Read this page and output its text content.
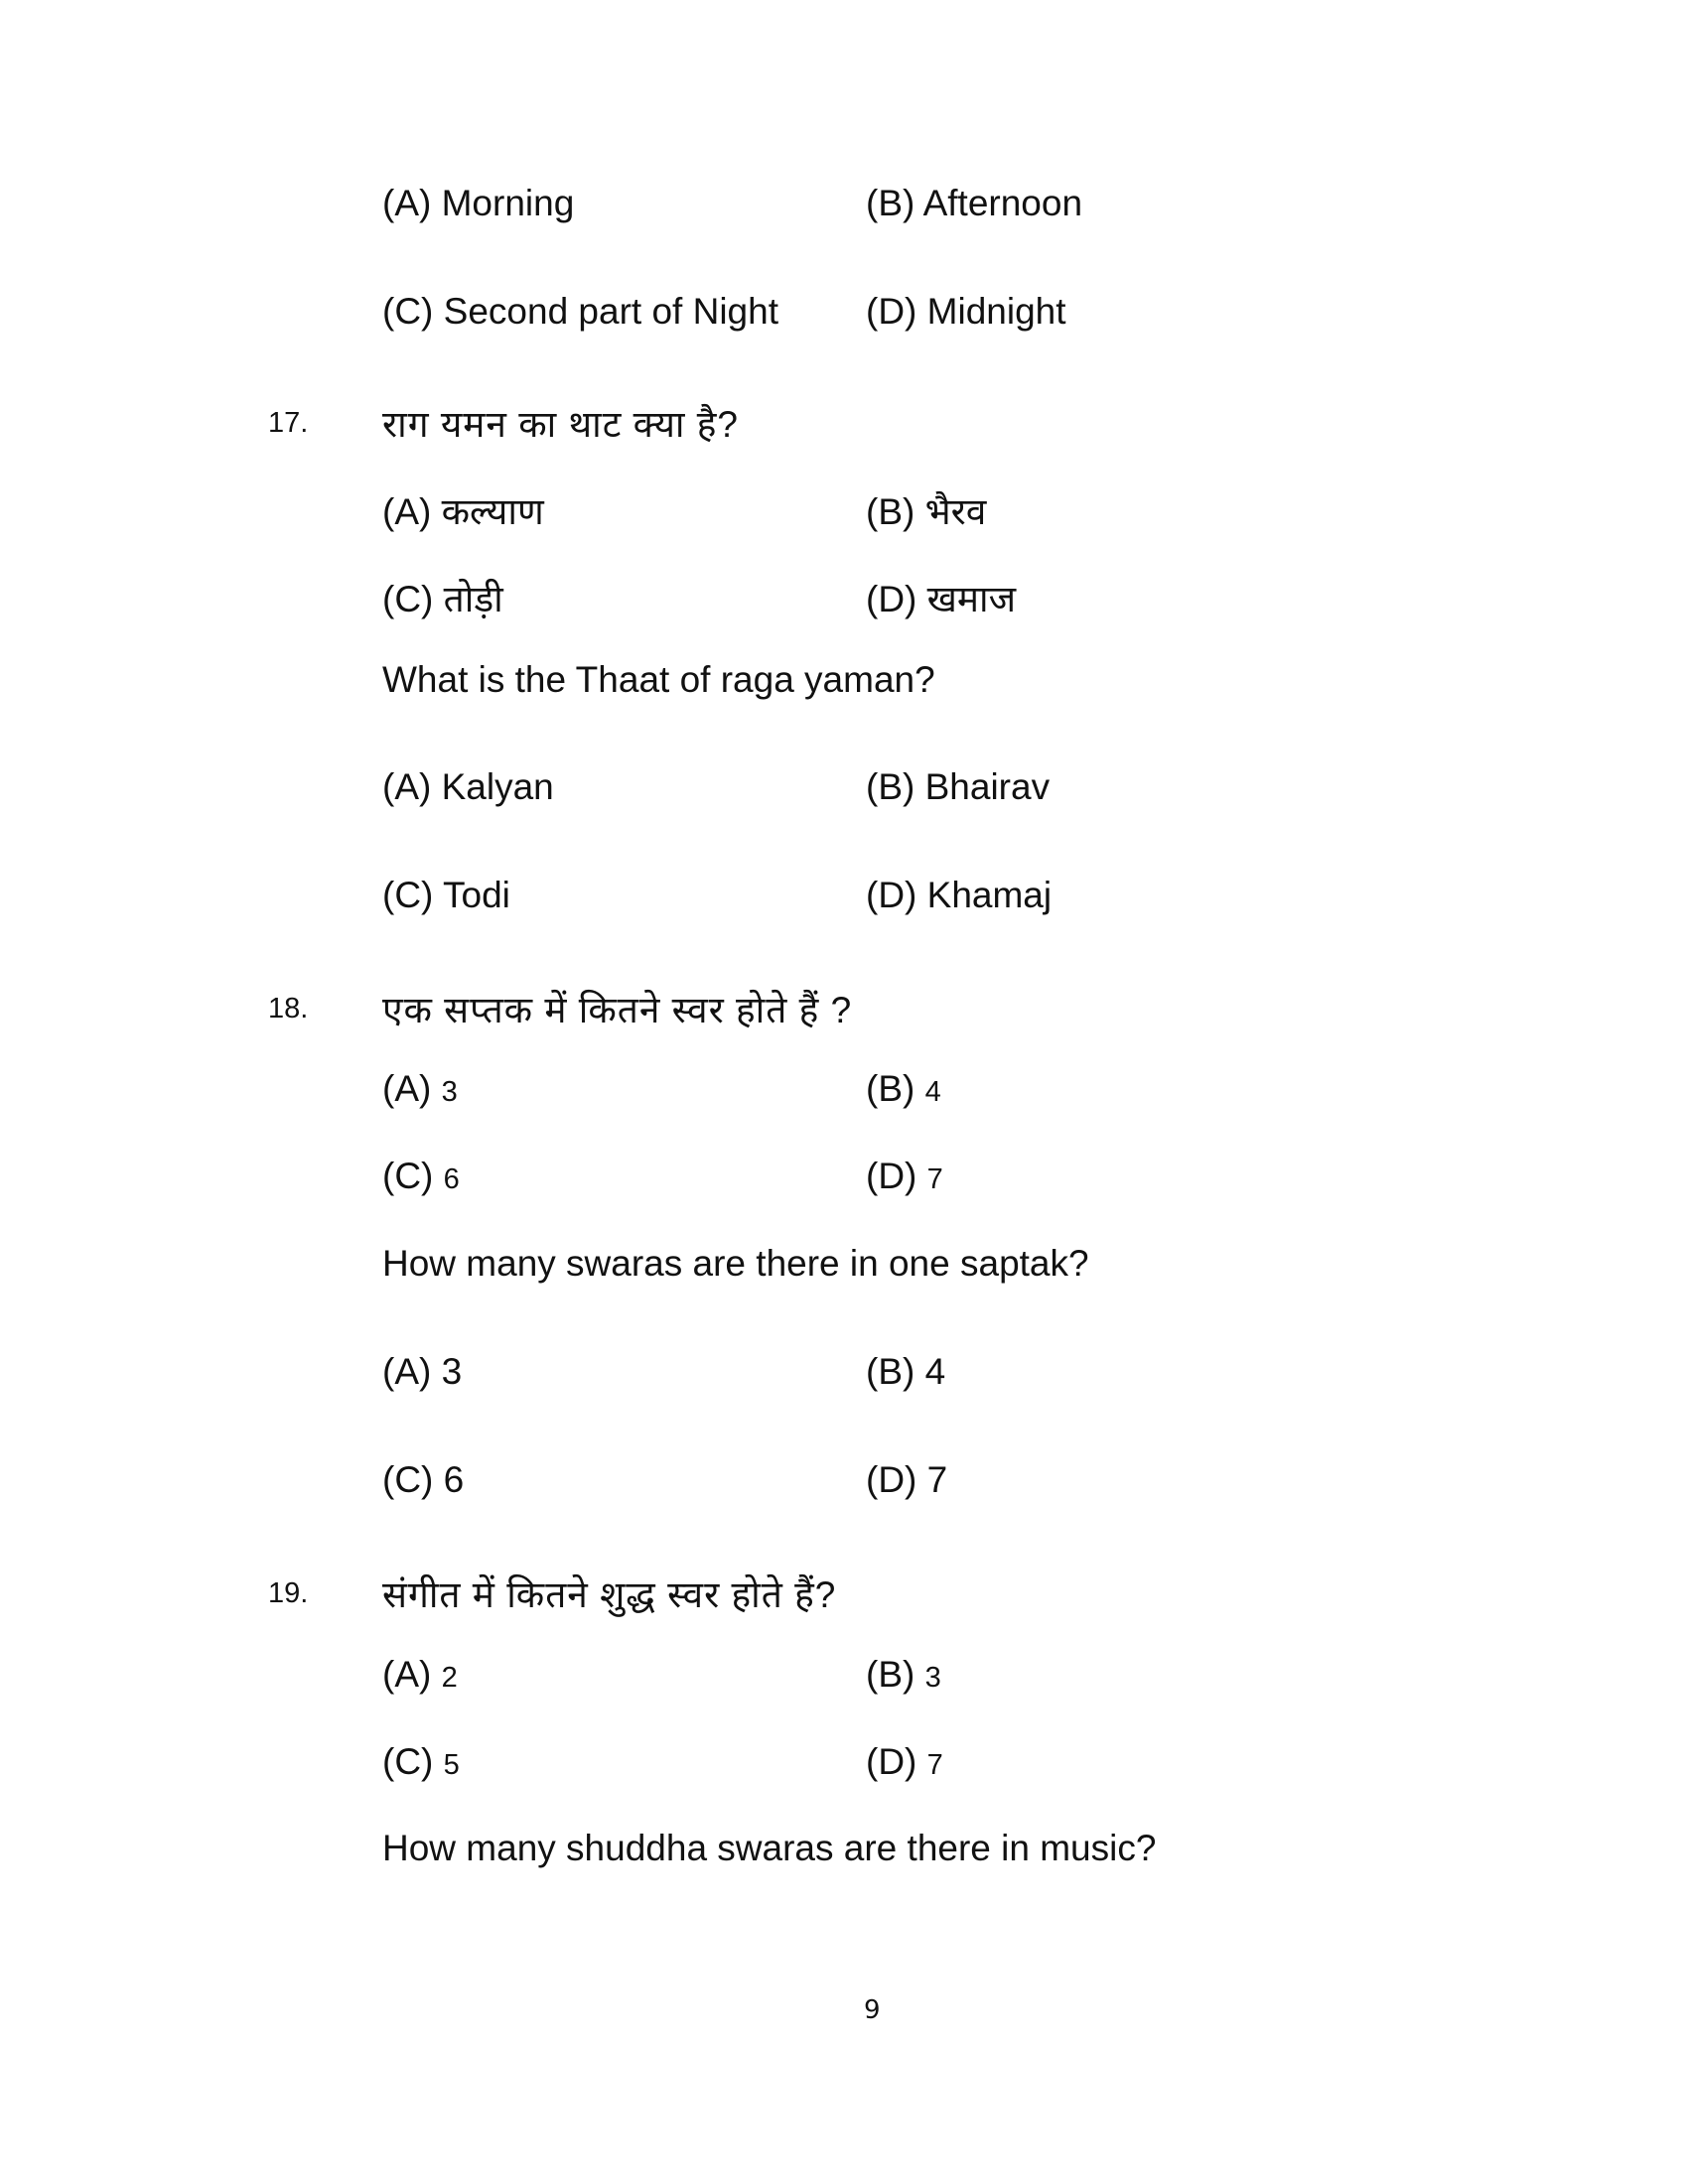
(A) Morning	(B) Afternoon
(C) Second part of Night (D) Midnight
17. राग यमन का थाट क्या है?
(A) कल्याण	(B) भैरव
(C) तोड़ी	(D) खमाज
What is the Thaat of raga yaman?
(A) Kalyan	(B) Bhairav
(C) Todi	(D) Khamaj
18. एक सप्तक में कितने स्वर होते हैं ?
(A) 3	(B) 4
(C) 6	(D) 7
How many swaras are there in one saptak?
(A) 3	(B) 4
(C) 6	(D) 7
19. संगीत में कितने शुद्ध स्वर होते हैं?
(A) 2	(B) 3
(C) 5	(D) 7
How many shuddha swaras are there in music?
9
